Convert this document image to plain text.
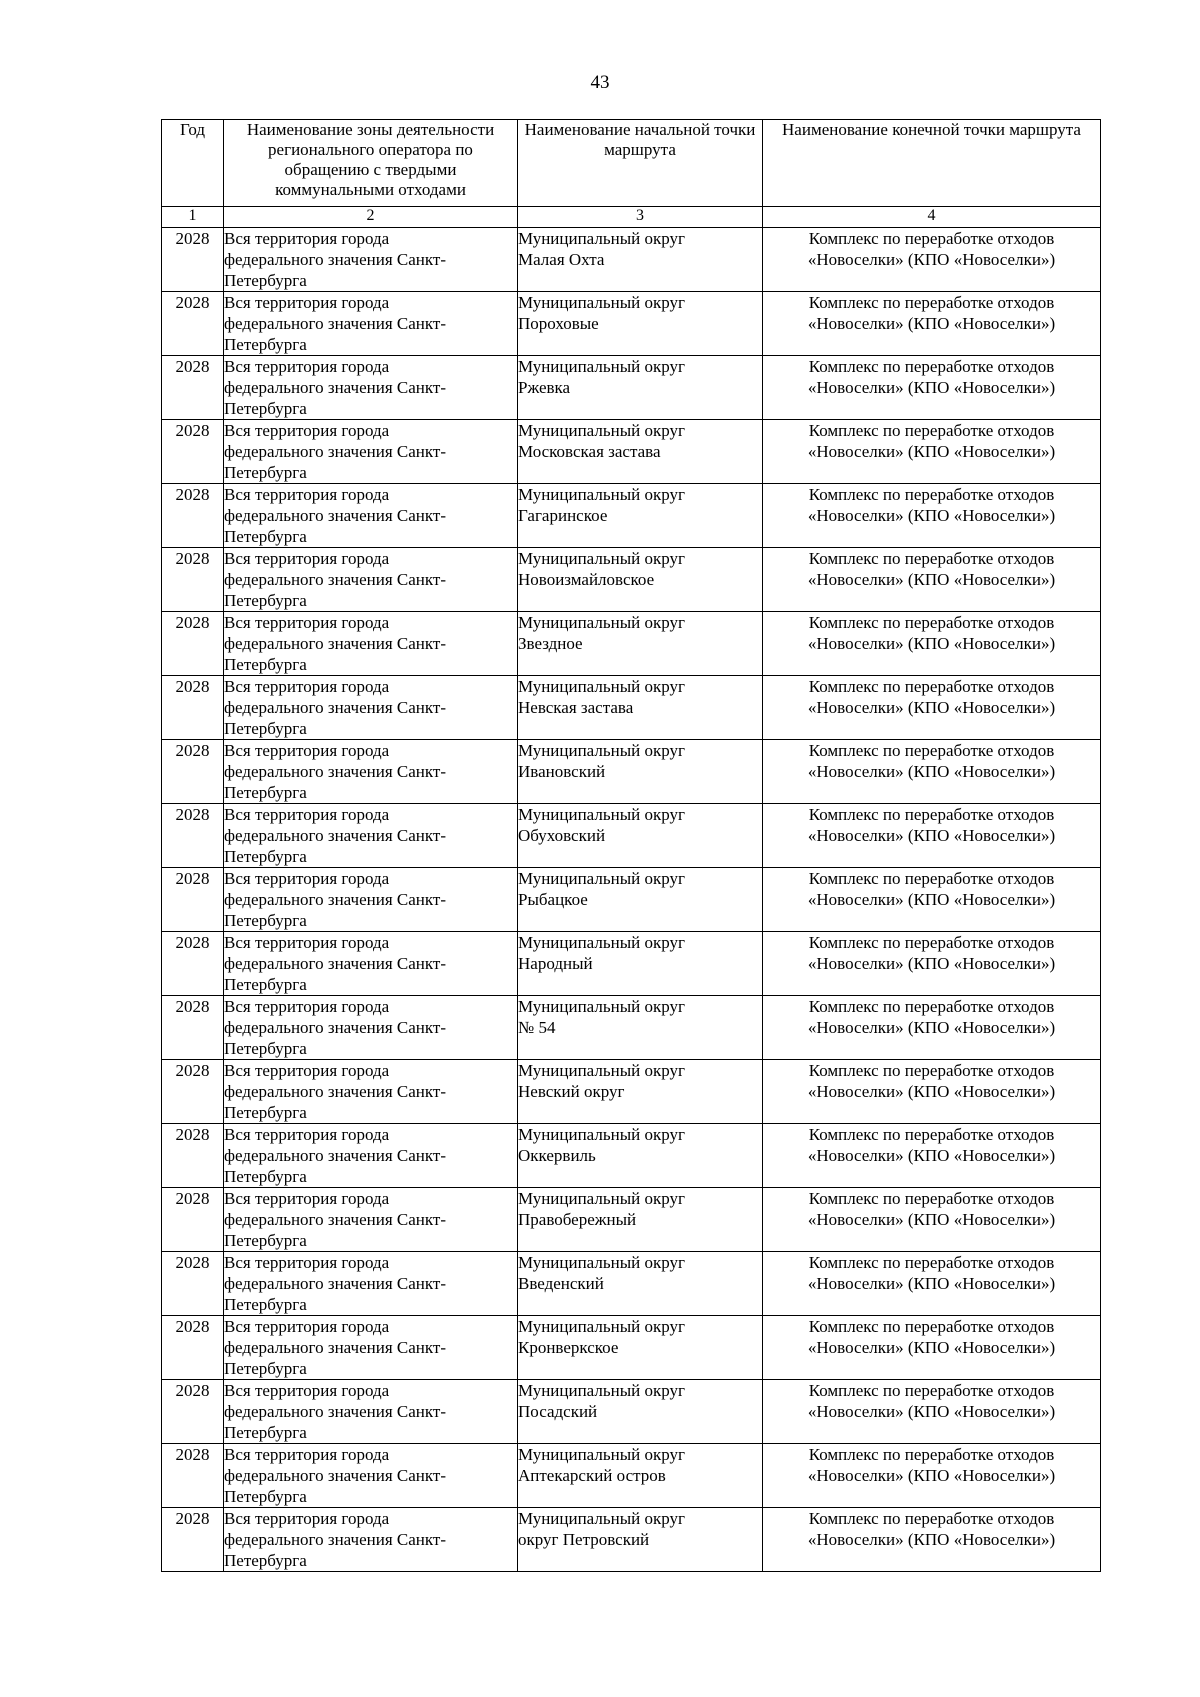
43
Год	Наименование зоны деятельности регионального оператора по обращению с твердыми коммунальными отходами	Наименование начальной точки маршрута	Наименование конечной точки маршрута
1	2	3	4

2028	Вся территория города
федерального значения Санкт-
Петербурга	Муниципальный округ
Малая Охта	Комплекс по переработке отходов
«Новоселки» (КПО «Новоселки»)

2028	Вся территория города
федерального значения Санкт-
Петербурга	Муниципальный округ
Пороховые	Комплекс по переработке отходов
«Новоселки» (КПО «Новоселки»)

2028	Вся территория города
федерального значения Санкт-
Петербурга	Муниципальный округ
Ржевка	Комплекс по переработке отходов
«Новоселки» (КПО «Новоселки»)

2028	Вся территория города
федерального значения Санкт-
Петербурга	Муниципальный округ
Московская застава	Комплекс по переработке отходов
«Новоселки» (КПО «Новоселки»)

2028	Вся территория города
федерального значения Санкт-
Петербурга	Муниципальный округ
Гагаринское	Комплекс по переработке отходов
«Новоселки» (КПО «Новоселки»)

2028	Вся территория города
федерального значения Санкт-
Петербурга	Муниципальный округ
Новоизмайловское	Комплекс по переработке отходов
«Новоселки» (КПО «Новоселки»)

2028	Вся территория города
федерального значения Санкт-
Петербурга	Муниципальный округ
Звездное	Комплекс по переработке отходов
«Новоселки» (КПО «Новоселки»)

2028	Вся территория города
федерального значения Санкт-
Петербурга	Муниципальный округ
Невская застава	Комплекс по переработке отходов
«Новоселки» (КПО «Новоселки»)

2028	Вся территория города
федерального значения Санкт-
Петербурга	Муниципальный округ
Ивановский	Комплекс по переработке отходов
«Новоселки» (КПО «Новоселки»)

2028	Вся территория города
федерального значения Санкт-
Петербурга	Муниципальный округ
Обуховский	Комплекс по переработке отходов
«Новоселки» (КПО «Новоселки»)

2028	Вся территория города
федерального значения Санкт-
Петербурга	Муниципальный округ
Рыбацкое	Комплекс по переработке отходов
«Новоселки» (КПО «Новоселки»)

2028	Вся территория города
федерального значения Санкт-
Петербурга	Муниципальный округ
Народный	Комплекс по переработке отходов
«Новоселки» (КПО «Новоселки»)

2028	Вся территория города
федерального значения Санкт-
Петербурга	Муниципальный округ
№ 54	Комплекс по переработке отходов
«Новоселки» (КПО «Новоселки»)

2028	Вся территория города
федерального значения Санкт-
Петербурга	Муниципальный округ
Невский округ	Комплекс по переработке отходов
«Новоселки» (КПО «Новоселки»)

2028	Вся территория города
федерального значения Санкт-
Петербурга	Муниципальный округ
Оккервиль	Комплекс по переработке отходов
«Новоселки» (КПО «Новоселки»)

2028	Вся территория города
федерального значения Санкт-
Петербурга	Муниципальный округ
Правобережный	Комплекс по переработке отходов
«Новоселки» (КПО «Новоселки»)

2028	Вся территория города
федерального значения Санкт-
Петербурга	Муниципальный округ
Введенский	Комплекс по переработке отходов
«Новоселки» (КПО «Новоселки»)

2028	Вся территория города
федерального значения Санкт-
Петербурга	Муниципальный округ
Кронверкское	Комплекс по переработке отходов
«Новоселки» (КПО «Новоселки»)

2028	Вся территория города
федерального значения Санкт-
Петербурга	Муниципальный округ
Посадский	Комплекс по переработке отходов
«Новоселки» (КПО «Новоселки»)

2028	Вся территория города
федерального значения Санкт-
Петербурга	Муниципальный округ
Аптекарский остров	Комплекс по переработке отходов
«Новоселки» (КПО «Новоселки»)

2028	Вся территория города
федерального значения Санкт-
Петербурга	Муниципальный округ
округ Петровский	Комплекс по переработке отходов
«Новоселки» (КПО «Новоселки»)
